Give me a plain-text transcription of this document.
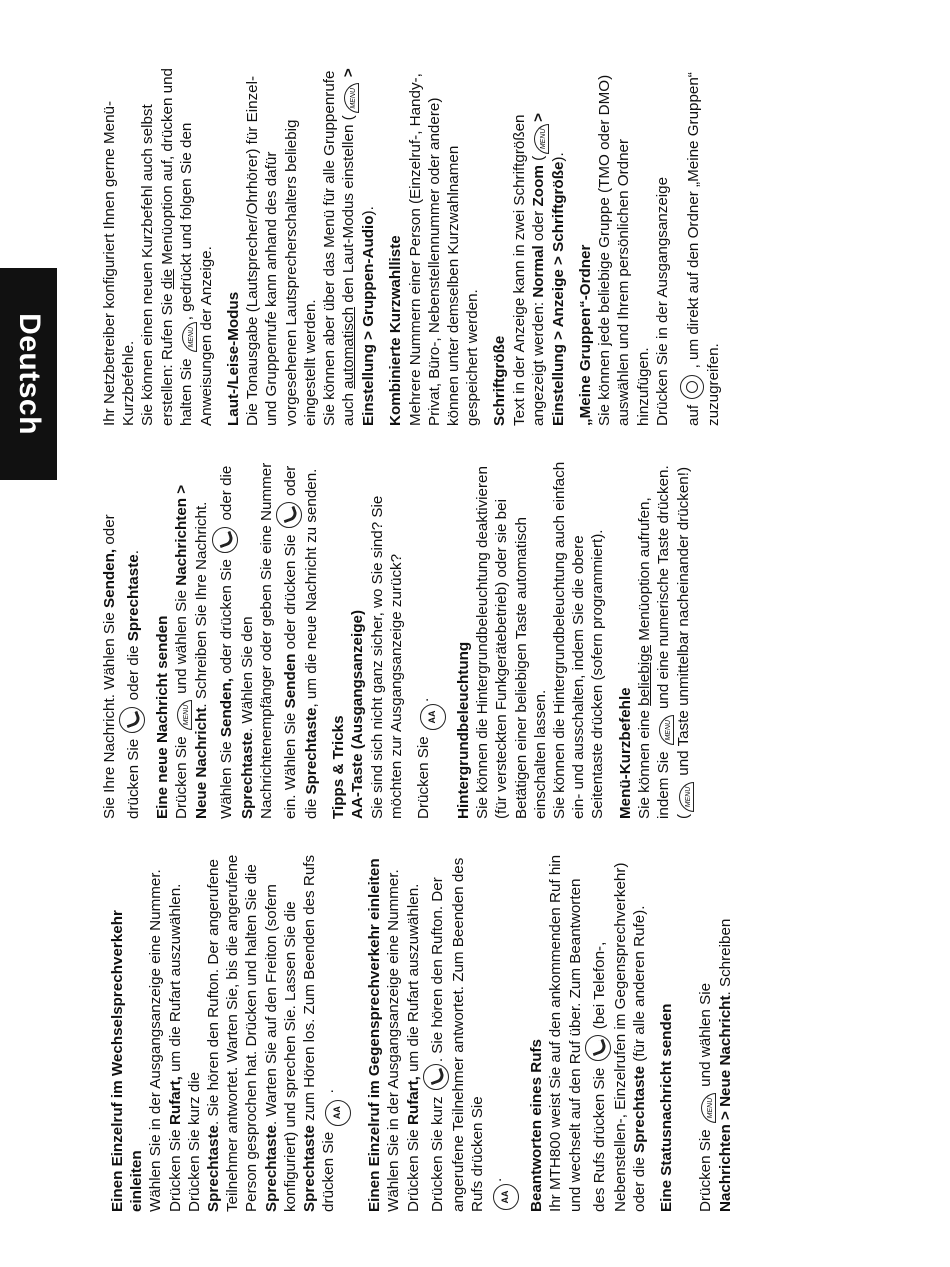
Deutsch
Einen Einzelruf im Wechselsprechverkehr einleiten Wählen Sie in der Ausgangsanzeige eine Nummer. Drücken Sie Rufart, um die Rufart auszuwählen. Drücken Sie kurz die
Sprechtaste. Sie hören den Rufton. Der angerufene Teilnehmer antwortet. Warten Sie, bis die angerufene Person gesprochen hat. Drücken und halten Sie die Sprechtaste. Warten Sie auf den Freiton (sofern konfiguriert) und sprechen Sie. Lassen Sie die Sprechtaste zum Hören los. Zum Beenden des Rufs drücken Sie AA .	Einen Einzelruf im Gegensprechverkehr einleiten Wählen Sie in der Ausgangsanzeige eine Nummer. Drücken Sie Rufart, um die Rufart auszuwählen. Drücken Sie kurz . Sie hören den Rufton. Der angerufene Teilnehmer antwortet. Zum Beenden des Rufs drücken Sie
AA.	Beantworten eines Rufs Ihr MTH800 weist Sie auf den ankommenden Ruf hin und wechselt auf den Ruf über. Zum Beantworten des Rufs drücken Sie  (bei Telefon-, Nebenstellen-, Einzelrufen im Gegensprechverkehr) oder die Sprechtaste (für alle anderen Rufe).

Eine Statusnachricht senden Drücken Sie MENU und wählen Sie
Nachrichten > Neue Nachricht. Schreiben

Sie Ihre Nachricht. Wählen Sie Senden, oder drücken Sie  oder die Sprechtaste.

Eine neue Nachricht senden Drücken Sie MENU und wählen Sie Nachrichten > Neue Nachricht. Schreiben Sie Ihre Nachricht. Wählen Sie Senden, oder drücken Sie  oder die Sprechtaste. Wählen Sie den Nachrichtenempfänger oder geben Sie eine Nummer ein. Wählen Sie Senden oder drücken Sie  oder die Sprechtaste, um die neue Nachricht zu senden.

Tipps & Tricks AA-Taste (Ausgangsanzeige) Sie sind sich nicht ganz sicher, wo Sie sind? Sie möchten zur Ausgangsanzeige zurück? Drücken Sie AA.	Hintergrundbeleuchtung Sie können die Hintergrundbeleuchtung deaktivieren (für versteckten Funkgerätebetrieb) oder sie bei Betätigen einer beliebigen Taste automatisch einschalten lassen. Sie können die Hintergrundbeleuchtung auch einfach ein- und ausschalten, indem Sie die obere Seitentaste drücken (sofern programmiert). Menü-Kurzbefehle Sie können eine beliebige Menüoption aufrufen, indem Sie MENU und eine numerische Taste drücken. (MENU und Taste unmittelbar nacheinander drücken!)

Ihr Netzbetreiber konfiguriert Ihnen gerne Menü-Kurzbefehle. Sie können einen neuen Kurzbefehl auch selbst erstellen: Rufen Sie die Menüoption auf, drücken und halten Sie MENU, gedrückt und folgen Sie den Anweisungen der Anzeige. Laut-/Leise-Modus Die Tonausgabe (Lautsprecher/Ohrhörer) für Einzel- und Gruppenrufe kann anhand des dafür vorgesehenen Lautsprecherschalters beliebig eingestellt werden. Sie können aber über das Menü für alle Gruppenrufe auch automatisch den Laut-Modus einstellen (MENU > Einstellung > Gruppen-Audio).

Kombinierte Kurzwahlliste Mehrere Nummern einer Person (Einzelruf-, Handy-, Privat, Büro-, Nebenstellennummer oder andere) können unter demselben Kurzwahlnamen gespeichert werden. Schriftgröße Text in der Anzeige kann in zwei Schriftgrößen angezeigt werden: Normal oder Zoom (MENU> Einstellung > Anzeige > Schriftgröße).

„Meine Gruppen“-Ordner Sie können jede beliebige Gruppe (TMO oder DMO) auswählen und Ihrem persönlichen Ordner hinzufügen. Drücken Sie in der Ausgangsanzeige auf  , um direkt auf den Ordner „Meine Gruppen“ zuzugreifen.
